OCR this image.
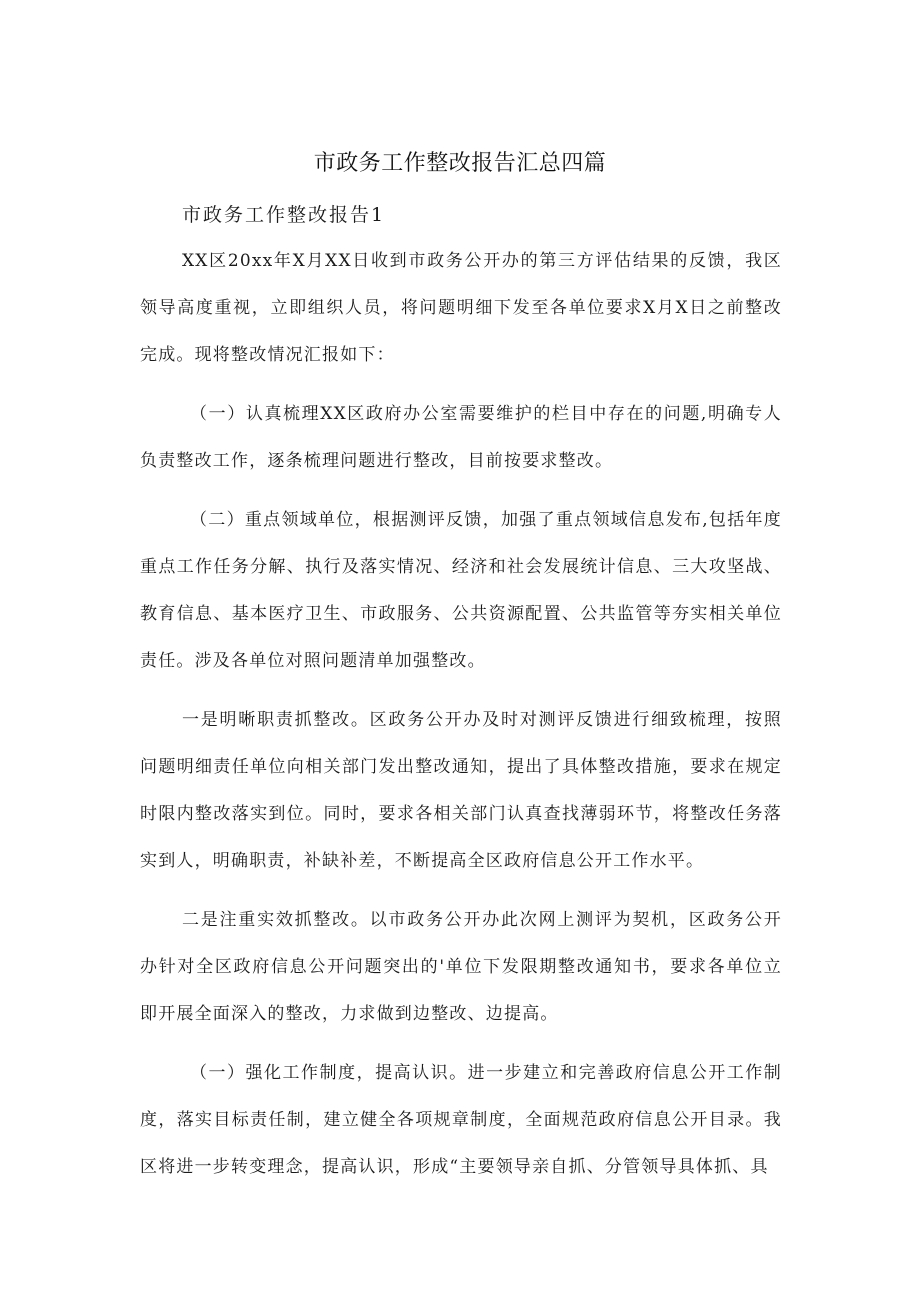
市政务工作整改报告汇总四篇
市政务工作整改报告1

XX区20xx年X月XX日收到市政务公开办的第三方评估结果的反馈，我区领导高度重视，立即组织人员，将问题明细下发至各单位要求X月X日之前整改完成。现将整改情况汇报如下：

（一）认真梳理XX区政府办公室需要维护的栏目中存在的问题,明确专人负责整改工作，逐条梳理问题进行整改，目前按要求整改。

（二）重点领域单位，根据测评反馈，加强了重点领域信息发布,包括年度重点工作任务分解、执行及落实情况、经济和社会发展统计信息、三大攻坚战、教育信息、基本医疗卫生、市政服务、公共资源配置、公共监管等夯实相关单位责任。涉及各单位对照问题清单加强整改。

一是明晰职责抓整改。区政务公开办及时对测评反馈进行细致梳理，按照问题明细责任单位向相关部门发出整改通知，提出了具体整改措施，要求在规定时限内整改落实到位。同时，要求各相关部门认真查找薄弱环节，将整改任务落实到人，明确职责，补缺补差，不断提高全区政府信息公开工作水平。

二是注重实效抓整改。以市政务公开办此次网上测评为契机，区政务公开办针对全区政府信息公开问题突出的'单位下发限期整改通知书，要求各单位立即开展全面深入的整改，力求做到边整改、边提高。

（一）强化工作制度，提高认识。进一步建立和完善政府信息公开工作制度，落实目标责任制，建立健全各项规章制度，全面规范政府信息公开目录。我区将进一步转变理念，提高认识，形成“主要领导亲自抓、分管领导具体抓、具
